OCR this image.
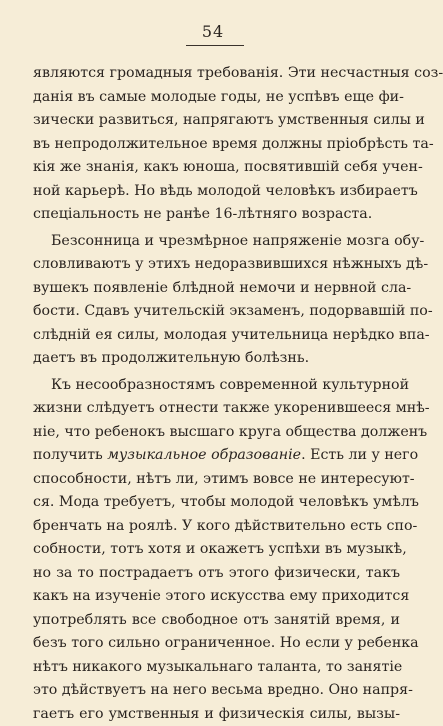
54
являются громадныя требованія. Эти несчастныя соз-
данія въ самые молодые годы, не успѣвъ еще фи-
зически развиться, напрягаютъ умственныя силы и
въ непродолжительное время должны пріобрѣсть та-
кія же знанія, какъ юноша, посвятившій себя учен-
ной карьерѣ. Но вѣдь молодой человѣкъ избираетъ
спеціальность не ранѣе 16-лѣтняго возраста.
Безсонница и чрезмѣрное напряженіе мозга обу-
словливаютъ у этихъ недоразвившихся нѣжныхъ дѣ-
вушекъ появленіе блѣдной немочи и нервной сла-
бости. Сдавъ учительскій экзаменъ, подорвавшій по-
слѣдній ея силы, молодая учительница нерѣдко впа-
даетъ въ продолжительную болѣзнь.
Къ несообразностямъ современной культурной
жизни слѣдуетъ отнести также укоренившееся мнѣ-
ніе, что ребенокъ высшаго круга общества долженъ
получить музыкальное образованіе. Есть ли у него
способности, нѣтъ ли, этимъ вовсе не интересуют-
ся. Мода требуетъ, чтобы молодой человѣкъ умѣлъ
бренчать на роялѣ. У кого дѣйствительно есть спо-
собности, тотъ хотя и окажетъ успѣхи въ музыкѣ,
но за то пострадаетъ отъ этого физически, такъ
какъ на изученіе этого искусства ему приходится
употреблять все свободное отъ занятій время, и
безъ того сильно ограниченное. Но если у ребенка
нѣтъ никакого музыкальнаго таланта, то занятіе
это дѣйствуетъ на него весьма вредно. Оно напря-
гаетъ его умственныя и физическія силы, вызы-
